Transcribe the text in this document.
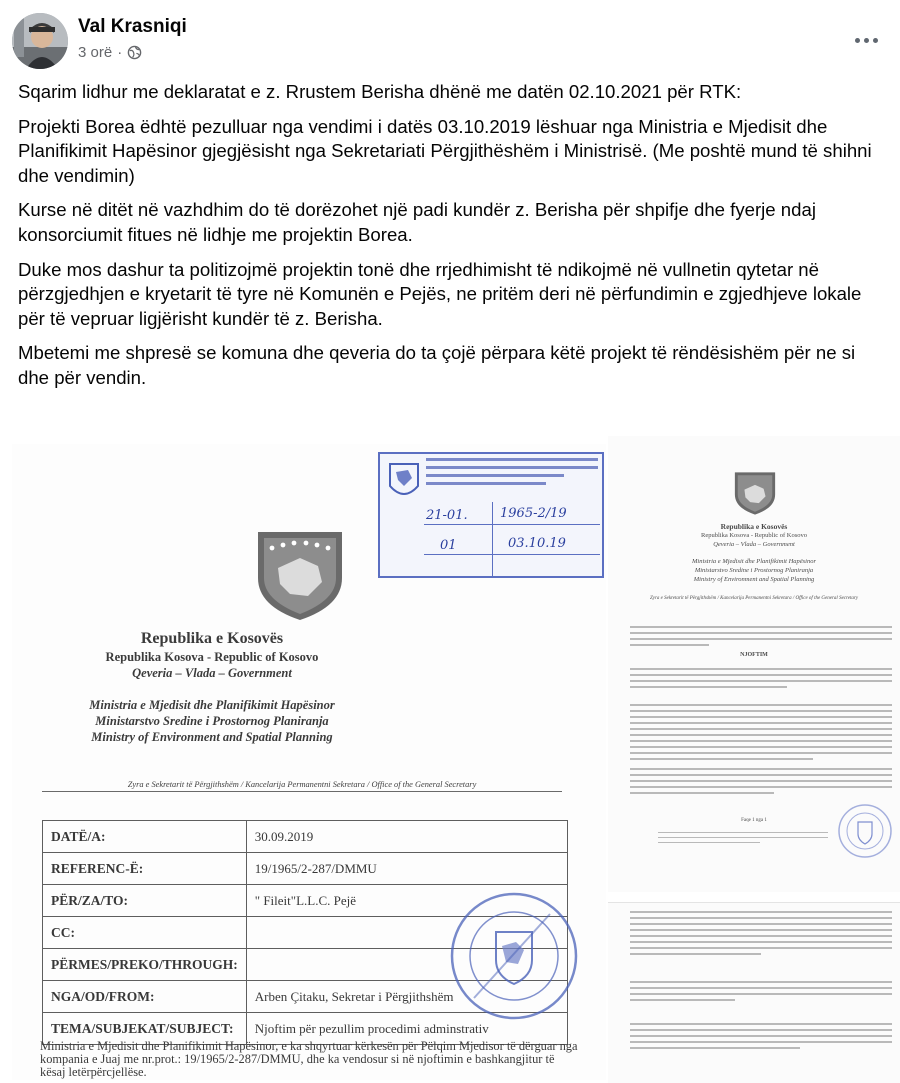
Val Krasniqi
3 orë ·

Sqarim lidhur me deklaratat e z. Rrustem Berisha dhënë me datën 02.10.2021 për RTK:

Projekti Borea ëdhtë pezulluar nga vendimi i datës 03.10.2019 lëshuar nga Ministria e Mjedisit dhe Planifikimit Hapësinor gjegjësisht nga Sekretariati Përgjithëshëm i Ministrisë. (Me poshtë mund të shihni dhe vendimin)

Kurse në ditët në vazhdhim do të dorëzohet një padi kundër z. Berisha për shpifje dhe fyerje ndaj konsorciumit fitues në lidhje me projektin Borea.

Duke mos dashur ta politizojmë projektin tonë dhe rrjedhimisht të ndikojmë në vullnetin qytetar në përzgjedhjen e kryetarit të tyre në Komunën e Pejës, ne pritëm deri në përfundimin e zgjedhjeve lokale për të vepruar ligjërisht kundër të z. Berisha.

Mbetemi me shpresë se komuna dhe qeveria do ta çojë përpara këtë projekt të rëndësishëm për ne si dhe për vendin.

21-01. 1965-2/19
01	03.10.19
Republika e Kosovës
Republika Kosova - Republic of Kosovo
Qeveria – Vlada – Government
Ministria e Mjedisit dhe Planifikimit Hapësinor
Ministarstvo Sredine i Prostornog Planiranja
Ministry of Environment and Spatial Planning
Zyra e Sekretarit të Përgjithshëm / Kancelarija Permanentni Sekretara / Office of the General Secretary
DATË/A:	30.09.2019
REFERENC-Ë:	19/1965/2-287/DMMU
PËR/ZA/TO:	" Fileit"L.L.C. Pejë
CC:	
PËRMES/PREKO/THROUGH:	
NGA/OD/FROM:	Arben Çitaku, Sekretar i Përgjithshëm
TEMA/SUBJEKAT/SUBJECT:	Njoftim për pezullim procedimi adminstrativ
Ministria e Mjedisit dhe Planifikimit Hapësinor, e ka shqyrtuar kërkesën për Pëlqim Mjedisor të dërguar nga kompania e Juaj me nr.prot.: 19/1965/2-287/DMMU, dhe ka vendosur si në njoftimin e bashkangjitur të kësaj letërpërcjellëse.
Republika e Kosovës
Republika Kosova - Republic of Kosovo
Qeveria – Vlada – Government
Ministria e Mjedisit dhe Planifikimit Hapësinor
Ministarstvo Sredine i Prostornog Planiranja
Ministry of Environment and Spatial Planning
Zyra e Sekretarit të Përgjithshëm / Kancelarija Permanentni Sekretara / Office of the General Secretary
NJOFTIM
Faqe 1 nga 1
